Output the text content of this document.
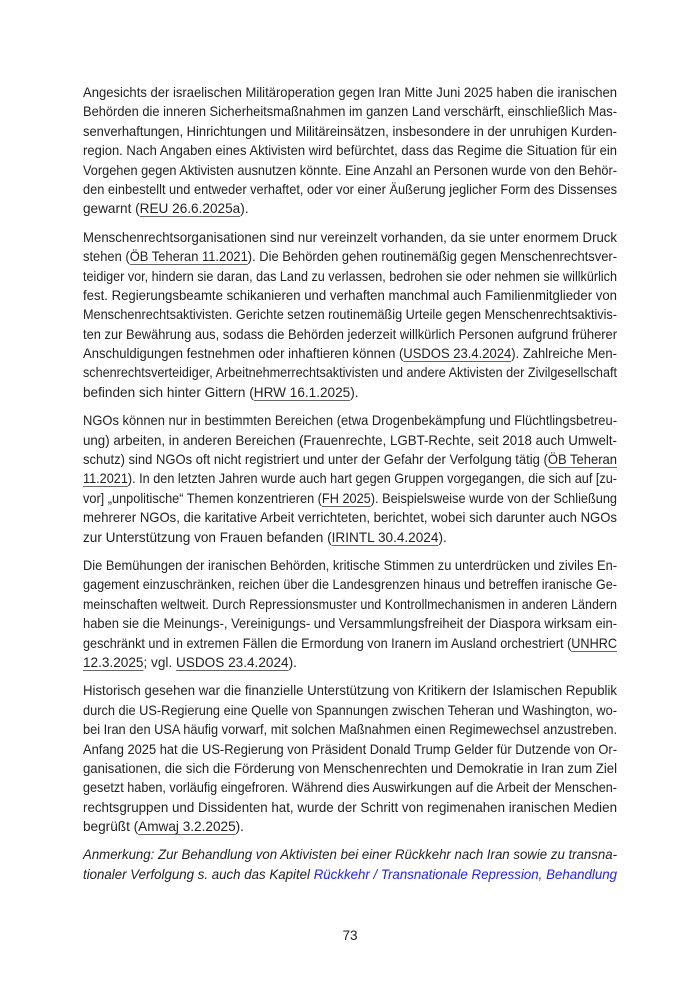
Angesichts der israelischen Militäroperation gegen Iran Mitte Juni 2025 haben die iranischen
Behörden die inneren Sicherheitsmaßnahmen im ganzen Land verschärft, einschließlich Mas-
senverhaftungen, Hinrichtungen und Militäreinsätzen, insbesondere in der unruhigen Kurden-
region. Nach Angaben eines Aktivisten wird befürchtet, dass das Regime die Situation für ein
Vorgehen gegen Aktivisten ausnutzen könnte. Eine Anzahl an Personen wurde von den Behör-
den einbestellt und entweder verhaftet, oder vor einer Äußerung jeglicher Form des Dissenses
gewarnt (REU 26.6.2025a).
Menschenrechtsorganisationen sind nur vereinzelt vorhanden, da sie unter enormem Druck
stehen (ÖB Teheran 11.2021). Die Behörden gehen routinemäßig gegen Menschenrechtsver-
teidiger vor, hindern sie daran, das Land zu verlassen, bedrohen sie oder nehmen sie willkürlich
fest. Regierungsbeamte schikanieren und verhaften manchmal auch Familienmitglieder von
Menschenrechtsaktivisten. Gerichte setzen routinemäßig Urteile gegen Menschenrechtsaktivis-
ten zur Bewährung aus, sodass die Behörden jederzeit willkürlich Personen aufgrund früherer
Anschuldigungen festnehmen oder inhaftieren können (USDOS 23.4.2024). Zahlreiche Men-
schenrechtsverteidiger, Arbeitnehmerrechtsaktivisten und andere Aktivisten der Zivilgesellschaft
befinden sich hinter Gittern (HRW 16.1.2025).
NGOs können nur in bestimmten Bereichen (etwa Drogenbekämpfung und Flüchtlingsbetreu-
ung) arbeiten, in anderen Bereichen (Frauenrechte, LGBT-Rechte, seit 2018 auch Umwelt-
schutz) sind NGOs oft nicht registriert und unter der Gefahr der Verfolgung tätig (ÖB Teheran
11.2021). In den letzten Jahren wurde auch hart gegen Gruppen vorgegangen, die sich auf [zu-
vor] „unpolitische“ Themen konzentrieren (FH 2025). Beispielsweise wurde von der Schließung
mehrerer NGOs, die karitative Arbeit verrichteten, berichtet, wobei sich darunter auch NGOs
zur Unterstützung von Frauen befanden (IRINTL 30.4.2024).
Die Bemühungen der iranischen Behörden, kritische Stimmen zu unterdrücken und ziviles En-
gagement einzuschränken, reichen über die Landesgrenzen hinaus und betreffen iranische Ge-
meinschaften weltweit. Durch Repressionsmuster und Kontrollmechanismen in anderen Ländern
haben sie die Meinungs-, Vereinigungs- und Versammlungsfreiheit der Diaspora wirksam ein-
geschränkt und in extremen Fällen die Ermordung von Iranern im Ausland orchestriert (UNHRC
12.3.2025; vgl. USDOS 23.4.2024).
Historisch gesehen war die finanzielle Unterstützung von Kritikern der Islamischen Republik
durch die US-Regierung eine Quelle von Spannungen zwischen Teheran und Washington, wo-
bei Iran den USA häufig vorwarf, mit solchen Maßnahmen einen Regimewechsel anzustreben.
Anfang 2025 hat die US-Regierung von Präsident Donald Trump Gelder für Dutzende von Or-
ganisationen, die sich die Förderung von Menschenrechten und Demokratie in Iran zum Ziel
gesetzt haben, vorläufig eingefroren. Während dies Auswirkungen auf die Arbeit der Menschen-
rechtsgruppen und Dissidenten hat, wurde der Schritt von regimenahen iranischen Medien
begrüßt (Amwaj 3.2.2025).
Anmerkung: Zur Behandlung von Aktivisten bei einer Rückkehr nach Iran sowie zu transna-
tionaler Verfolgung s. auch das Kapitel Rückkehr / Transnationale Repression, Behandlung
73
